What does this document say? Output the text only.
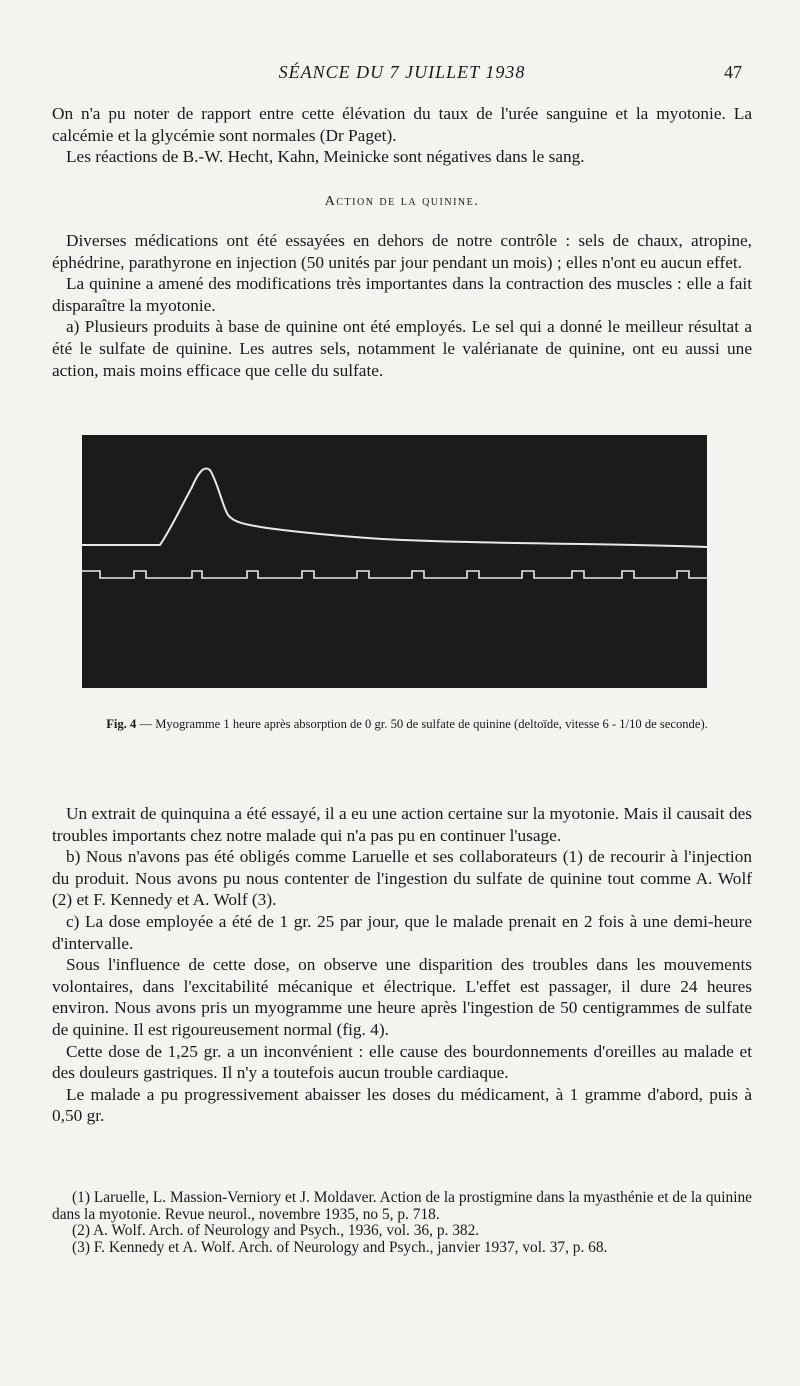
SÉANCE DU 7 JUILLET 1938	47

On n'a pu noter de rapport entre cette élévation du taux de l'urée sanguine et la myotonie. La calcémie et la glycémie sont normales (Dr Paget).

Les réactions de B.-W. Hecht, Kahn, Meinicke sont négatives dans le sang.

Action de la quinine.

Diverses médications ont été essayées en dehors de notre contrôle : sels de chaux, atropine, éphédrine, parathyrone en injection (50 unités par jour pendant un mois) ; elles n'ont eu aucun effet.

La quinine a amené des modifications très importantes dans la contraction des muscles : elle a fait disparaître la myotonie.

a) Plusieurs produits à base de quinine ont été employés. Le sel qui a donné le meilleur résultat a été le sulfate de quinine. Les autres sels, notamment le valérianate de quinine, ont eu aussi une action, mais moins efficace que celle du sulfate.

Fig. 4 — Myogramme 1 heure après absorption de 0 gr. 50 de sulfate de quinine (deltoïde, vitesse 6 - 1/10 de seconde).

Un extrait de quinquina a été essayé, il a eu une action certaine sur la myotonie. Mais il causait des troubles importants chez notre malade qui n'a pas pu en continuer l'usage.

b) Nous n'avons pas été obligés comme Laruelle et ses collaborateurs (1) de recourir à l'injection du produit. Nous avons pu nous contenter de l'ingestion du sulfate de quinine tout comme A. Wolf (2) et F. Kennedy et A. Wolf (3).

c) La dose employée a été de 1 gr. 25 par jour, que le malade prenait en 2 fois à une demi-heure d'intervalle.

Sous l'influence de cette dose, on observe une disparition des troubles dans les mouvements volontaires, dans l'excitabilité mécanique et électrique. L'effet est passager, il dure 24 heures environ. Nous avons pris un myogramme une heure après l'ingestion de 50 centigrammes de sulfate de quinine. Il est rigoureusement normal (fig. 4).

Cette dose de 1,25 gr. a un inconvénient : elle cause des bourdonnements d'oreilles au malade et des douleurs gastriques. Il n'y a toutefois aucun trouble cardiaque.

Le malade a pu progressivement abaisser les doses du médicament, à 1 gramme d'abord, puis à 0,50 gr.

(1) Laruelle, L. Massion-Verniory et J. Moldaver. Action de la prostigmine dans la myasthénie et de la quinine dans la myotonie. Revue neurol., novembre 1935, no 5, p. 718.

(2) A. Wolf. Arch. of Neurology and Psych., 1936, vol. 36, p. 382.

(3) F. Kennedy et A. Wolf. Arch. of Neurology and Psych., janvier 1937, vol. 37, p. 68.
